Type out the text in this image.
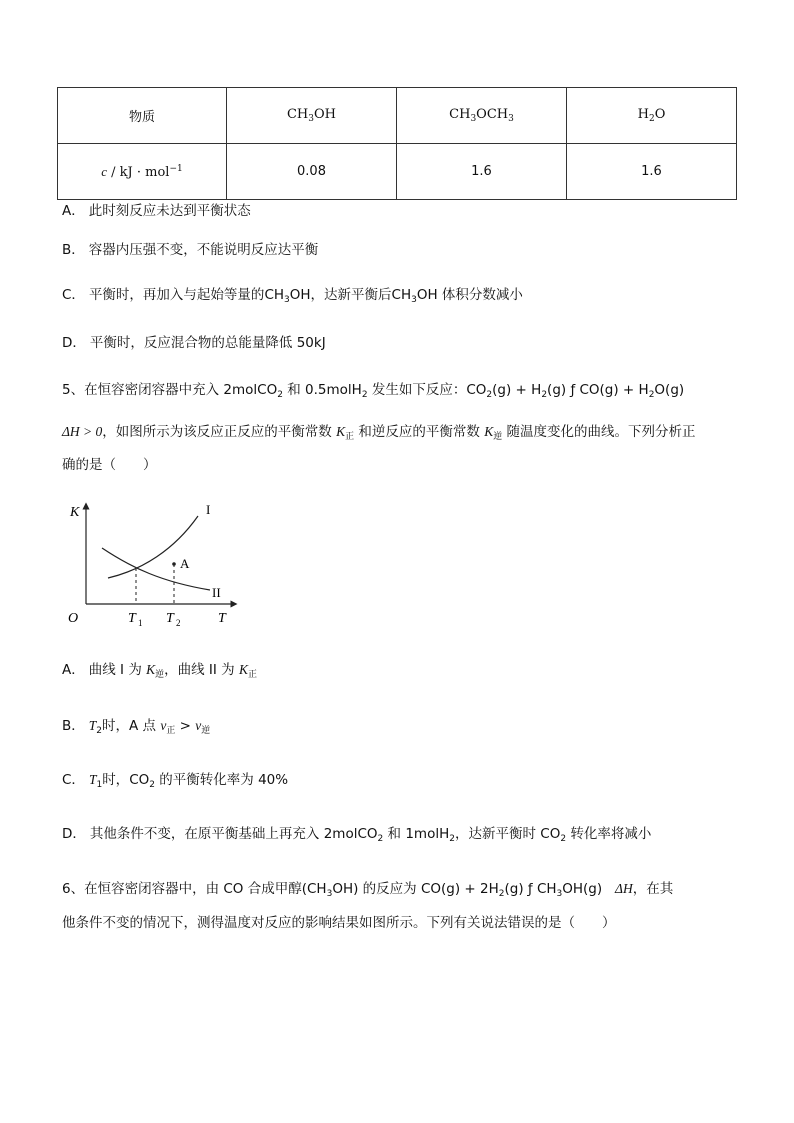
物质	$CH_3OH$	$CH_3OCH_3$	$H_2O$
c / kJ · mol$^{-1}$	0.08	1.6	1.6
A． 此时刻反应未达到平衡状态
B． 容器内压强不变，不能说明反应达平衡
C． 平衡时，再加入与起始等量的$CH_3OH$，达新平衡后$CH_3OH$ 体积分数减小
D． 平衡时，反应混合物的总能量降低 50kJ
5、在恒容密闭容器中充入 2molCO$_2$ 和 0.5molH$_2$ 发生如下反应：$CO_2(g) + H_2(g)$ ƒ $CO(g) + H_2O(g)$
ΔH > 0，如图所示为该反应正反应的平衡常数 $K_正$ 和逆反应的平衡常数 $K_逆$ 随温度变化的曲线。下列分析正
确的是（　　）
A
I
II
K
O	T
T 1 T 2
A． 曲线 I 为 $K_逆$，曲线 II 为 $K_正$
B． $T_2$时，A 点 $v_正 > v_逆$
C． $T_1$时，$CO_2$ 的平衡转化率为 40%
D． 其他条件不变，在原平衡基础上再充入 2molCO$_2$ 和 1molH$_2$，达新平衡时 $CO_2$ 转化率将减小
6、在恒容密闭容器中，由 CO 合成甲醇$(CH_3OH)$ 的反应为 $CO(g) + 2H_2(g)$ ƒ $CH_3OH(g)$ ΔH，在其
他条件不变的情况下，测得温度对反应的影响结果如图所示。下列有关说法错误的是（　　）
